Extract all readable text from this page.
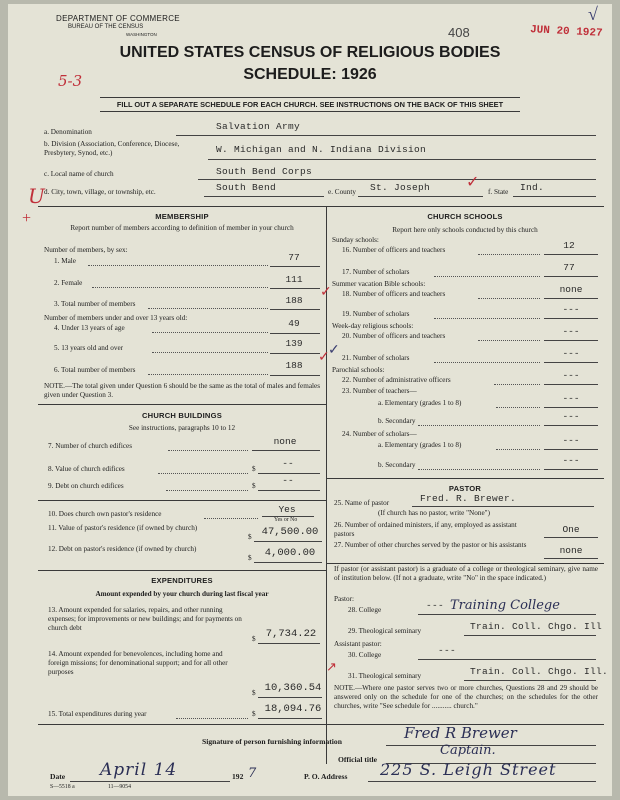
DEPARTMENT OF COMMERCE
BUREAU OF THE CENSUS
WASHINGTON	408	JUN 20 1927
√
UNITED STATES CENSUS OF RELIGIOUS BODIES
SCHEDULE: 1926
5-3
FILL OUT A SEPARATE SCHEDULE FOR EACH CHURCH. SEE INSTRUCTIONS ON THE BACK OF THIS SHEET
a. Denomination	Salvation Army
b. Division (Association, Conference, Diocese, Presbytery, Synod, etc.)	W. Michigan and N. Indiana Division
c. Local name of church	South Bend Corps
d. City, town, village, or township, etc.	South Bend	e. County St. Joseph	f. State Ind.
U
+
✓
MEMBERSHIP
Report number of members according to definition of member in your church
Number of members, by sex:
1. Male	77
2. Female	111
3. Total number of members	188
✓
Number of members under and over 13 years old:
4. Under 13 years of age	49
5. 13 years old and over	139
6. Total number of members	188
✓
NOTE.—The total given under Question 6 should be the same as the total of males and females given under Question 3.
CHURCH BUILDINGS
See instructions, paragraphs 10 to 12
7. Number of church edifices	none
8. Value of church edifices	$	--
9. Debt on church edifices	$	--
10. Does church own pastor's residence	Yes
Yes or No
11. Value of pastor's residence (if owned by church)
$ 47,500.00
12. Debt on pastor's residence (if owned by church)
$	4,000.00
EXPENDITURES
Amount expended by your church during last fiscal year
13. Amount expended for salaries, repairs, and other running expenses; for improvements or new buildings; and for payments on church debt
$ 7,734.22
14. Amount expended for benevolences, including home and foreign missions; for denominational support; and for all other purposes
$ 10,360.54
15. Total expenditures during year	$ 18,094.76
CHURCH SCHOOLS
Report here only schools conducted by this church
Sunday schools:
16. Number of officers and teachers	12
17. Number of scholars	77
Summer vacation Bible schools:
18. Number of officers and teachers	none
19. Number of scholars	---
Week-day religious schools:
20. Number of officers and teachers	---
21. Number of scholars	---
✓
Parochial schools:
22. Number of administrative officers	---
23. Number of teachers—
a. Elementary (grades 1 to 8)	---
b. Secondary	---
24. Number of scholars—
a. Elementary (grades 1 to 8)	---
b. Secondary	---
PASTOR
25. Name of pastor	Fred. R. Brewer.
(If church has no pastor, write "None")
26. Number of ordained ministers, if any, employed as assistant pastors	One
27. Number of other churches served by the pastor or his assistants	none
If pastor (or assistant pastor) is a graduate of a college or theological seminary, give name of institution below. (If not a graduate, write "No" in the space indicated.)
Pastor:
28. College	--- Training College
29. Theological seminary	Train. Coll. Chgo. Ill
Assistant pastor:
30. College	---
31. Theological seminary	Train. Coll. Chgo. Ill.
NOTE.—Where one pastor serves two or more churches, Questions 28 and 29 should be answered only on the schedule for one of the churches; on the schedules for the other churches, write "See schedule for ........... church."
↗
Signature of person furnishing information	Fred R Brewer
Official title
Captain.
Date April 14	192 7	P. O. Address 225 S. Leigh Street
S—5518 a	11—9054
